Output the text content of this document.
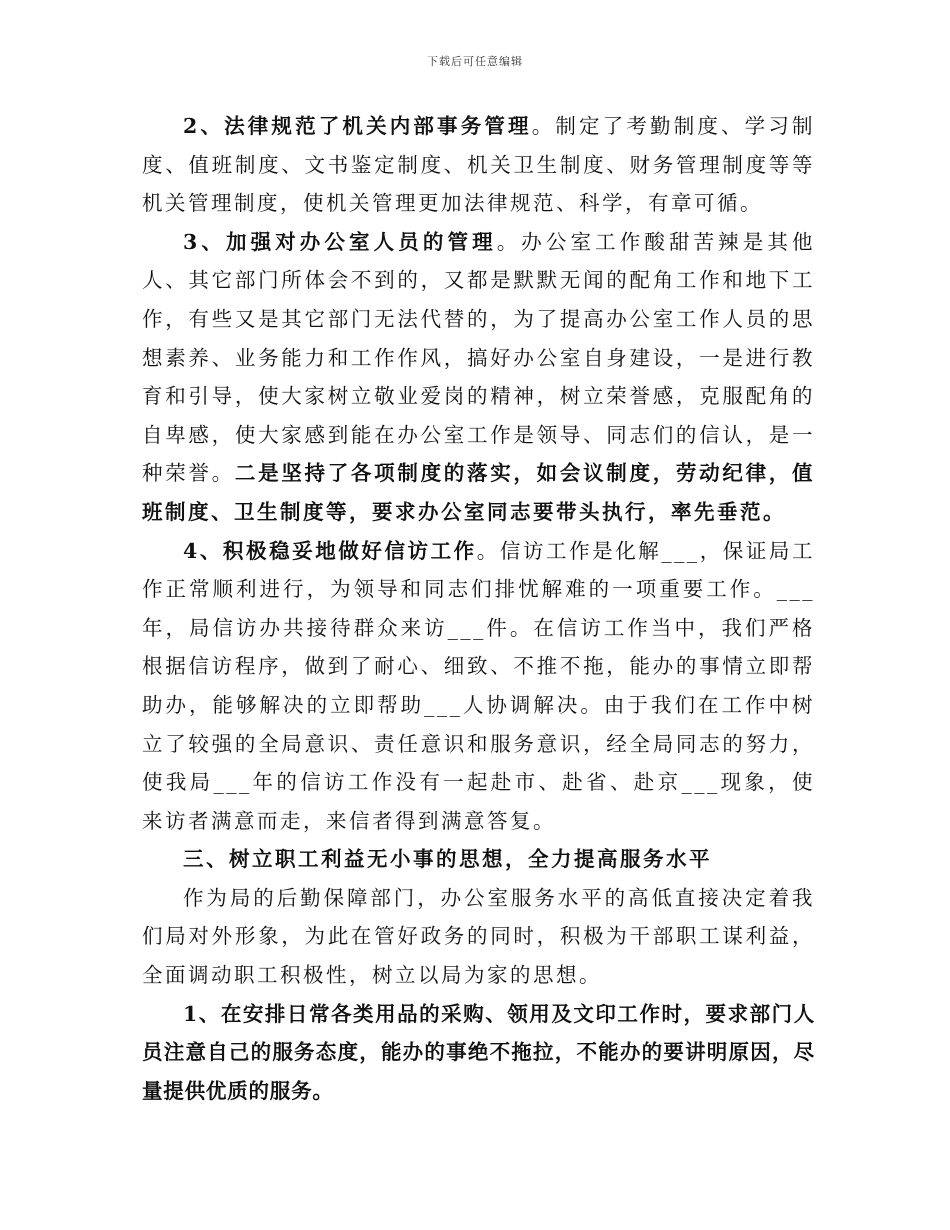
下载后可任意编辑

2、法律规范了机关内部事务管理。制定了考勤制度、学习制度、值班制度、文书鉴定制度、机关卫生制度、财务管理制度等等机关管理制度，使机关管理更加法律规范、科学，有章可循。

3、加强对办公室人员的管理。办公室工作酸甜苦辣是其他人、其它部门所体会不到的，又都是默默无闻的配角工作和地下工作，有些又是其它部门无法代替的，为了提高办公室工作人员的思想素养、业务能力和工作作风，搞好办公室自身建设，一是进行教育和引导，使大家树立敬业爱岗的精神，树立荣誉感，克服配角的自卑感，使大家感到能在办公室工作是领导、同志们的信认，是一种荣誉。二是坚持了各项制度的落实，如会议制度，劳动纪律，值班制度、卫生制度等，要求办公室同志要带头执行，率先垂范。

4、积极稳妥地做好信访工作。信访工作是化解___，保证局工作正常顺利进行，为领导和同志们排忧解难的一项重要工作。___年，局信访办共接待群众来访___件。在信访工作当中，我们严格根据信访程序，做到了耐心、细致、不推不拖，能办的事情立即帮助办，能够解决的立即帮助___人协调解决。由于我们在工作中树立了较强的全局意识、责任意识和服务意识，经全局同志的努力，使我局___年的信访工作没有一起赴市、赴省、赴京___现象，使来访者满意而走，来信者得到满意答复。

三、树立职工利益无小事的思想，全力提高服务水平

作为局的后勤保障部门，办公室服务水平的高低直接决定着我们局对外形象，为此在管好政务的同时，积极为干部职工谋利益，全面调动职工积极性，树立以局为家的思想。

1、在安排日常各类用品的采购、领用及文印工作时，要求部门人员注意自己的服务态度，能办的事绝不拖拉，不能办的要讲明原因，尽量提供优质的服务。
